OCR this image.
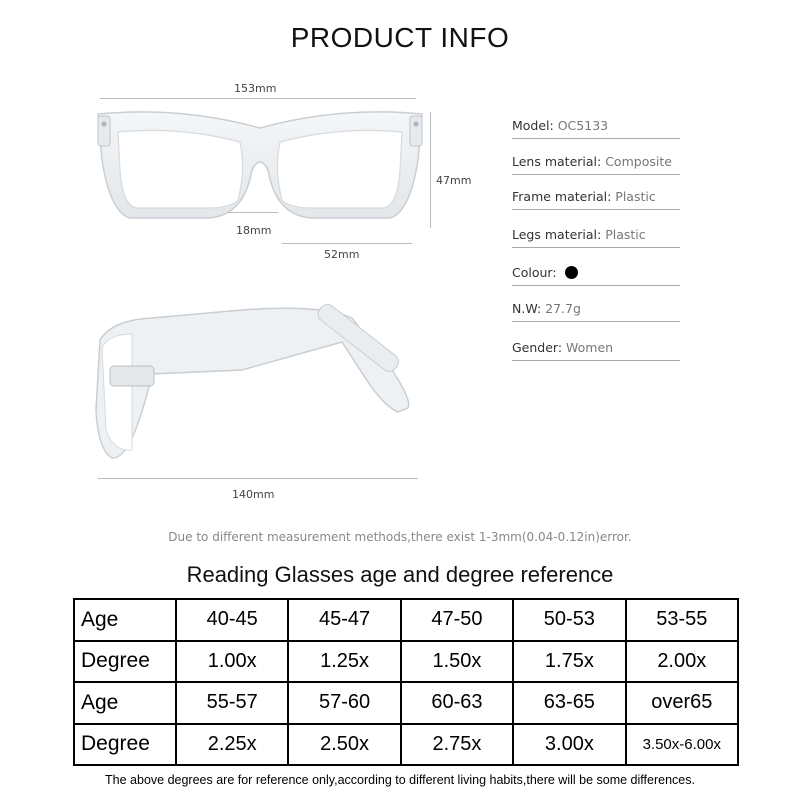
PRODUCT INFO
153mm
47mm
18mm
52mm
140mm
Model: OC5133
Lens material: Composite
Frame material: Plastic
Legs material: Plastic
Colour:
N.W: 27.7g
Gender: Women
Due to different measurement methods,there exist 1-3mm(0.04-0.12in)error.
Reading Glasses age and degree reference
Age	40-45	45-47	47-50	50-53	53-55
Degree	1.00x	1.25x	1.50x	1.75x	2.00x
Age	55-57	57-60	60-63	63-65	over65
Degree	2.25x	2.50x	2.75x	3.00x	3.50x-6.00x
The above degrees are for reference only,according to different living habits,there will be some differences.
